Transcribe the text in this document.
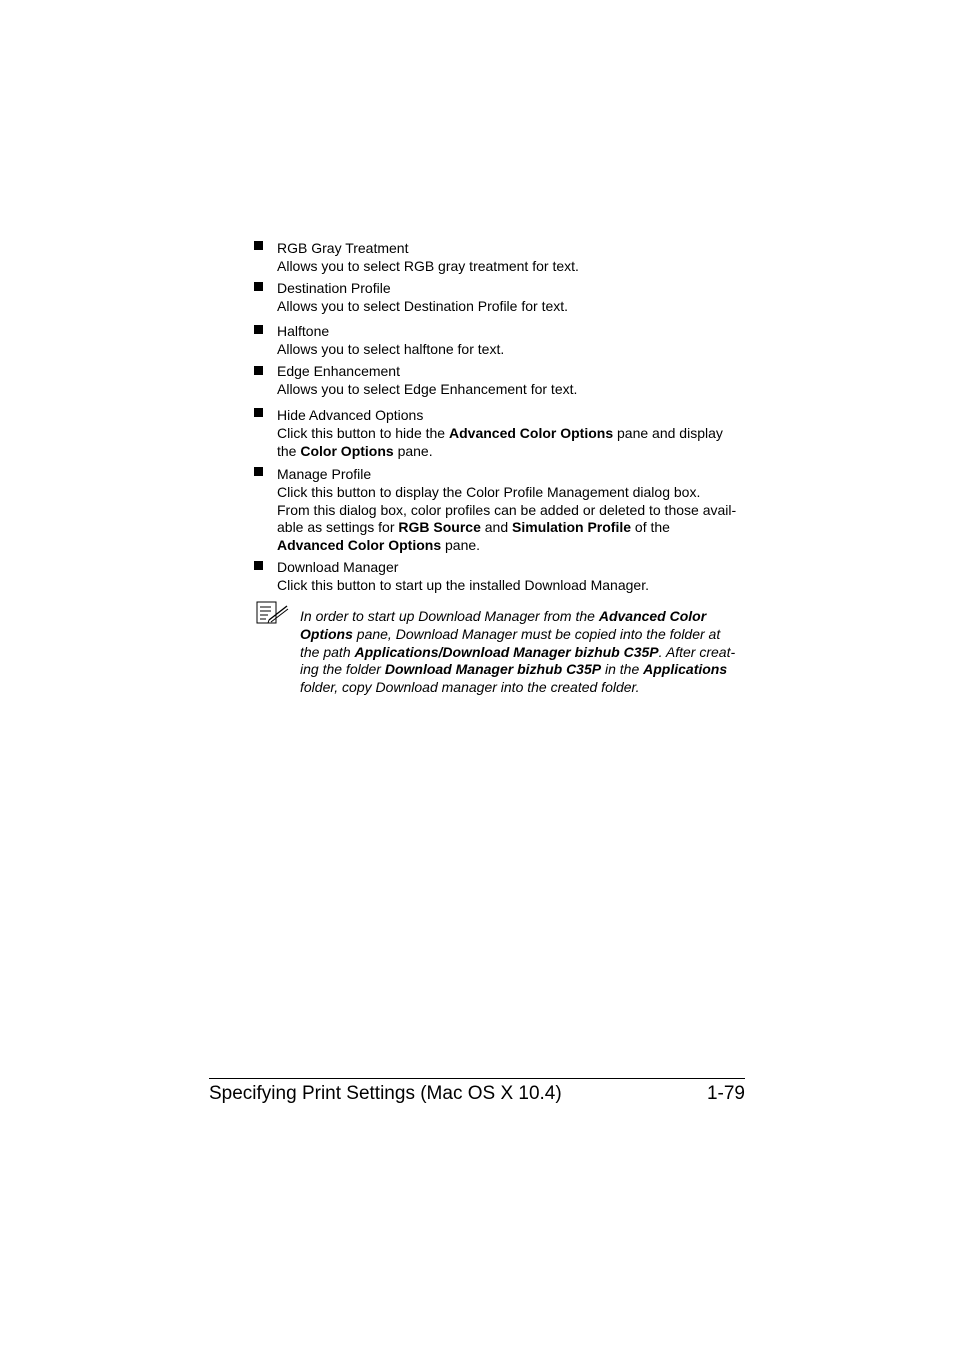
RGB Gray Treatment

Allows you to select RGB gray treatment for text.

Destination Profile

Allows you to select Destination Profile for text.

Halftone

Allows you to select halftone for text.

Edge Enhancement

Allows you to select Edge Enhancement for text.

Hide Advanced Options

Click this button to hide the Advanced Color Options pane and display

the Color Options pane.

Manage Profile

Click this button to display the Color Profile Management dialog box.

From this dialog box, color profiles can be added or deleted to those avail-

able as settings for RGB Source and Simulation Profile of the

Advanced Color Options pane.

Download Manager

Click this button to start up the installed Download Manager.

In order to start up Download Manager from the Advanced Color

Options pane, Download Manager must be copied into the folder at

the path Applications/Download Manager bizhub C35P. After creat-

ing the folder Download Manager bizhub C35P in the Applications

folder, copy Download manager into the created folder.

Specifying Print Settings (Mac OS X 10.4)	1-79
